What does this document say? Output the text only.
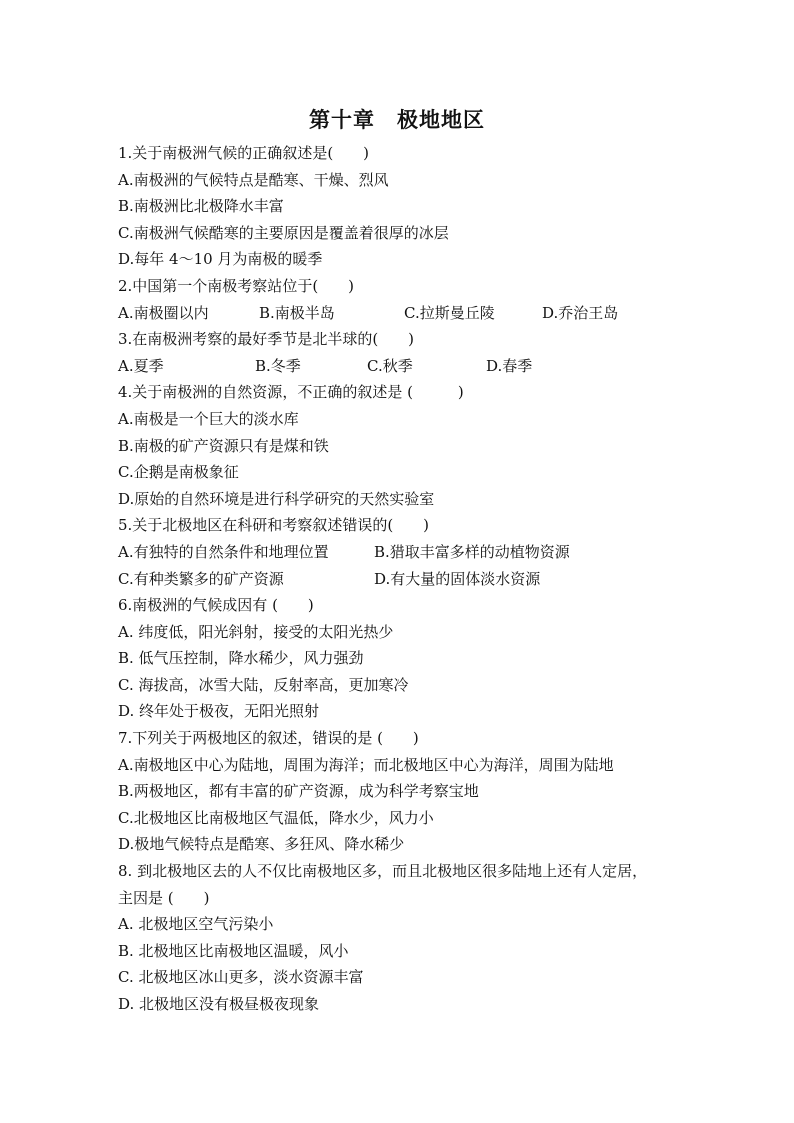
第十章 极地地区
1.关于南极洲气候的正确叙述是(　　)
A.南极洲的气候特点是酷寒、干燥、烈风
B.南极洲比北极降水丰富
C.南极洲气候酷寒的主要原因是覆盖着很厚的冰层
D.每年 4～10 月为南极的暖季
2.中国第一个南极考察站位于(　　)
A.南极圈以内	B.南极半岛	C.拉斯曼丘陵	D.乔治王岛
3.在南极洲考察的最好季节是北半球的(　　)
A.夏季	B.冬季	C.秋季	D.春季
4.关于南极洲的自然资源，不正确的叙述是 (　　　)
A.南极是一个巨大的淡水库
B.南极的矿产资源只有是煤和铁
C.企鹅是南极象征
D.原始的自然环境是进行科学研究的天然实验室
5.关于北极地区在科研和考察叙述错误的(　　)
A.有独特的自然条件和地理位置	B.猎取丰富多样的动植物资源
C.有种类繁多的矿产资源	D.有大量的固体淡水资源
6.南极洲的气候成因有 (　　)
A. 纬度低，阳光斜射，接受的太阳光热少
B. 低气压控制，降水稀少，风力强劲
C. 海拔高，冰雪大陆，反射率高，更加寒冷
D. 终年处于极夜，无阳光照射
7.下列关于两极地区的叙述，错误的是 (　　)
A.南极地区中心为陆地，周围为海洋；而北极地区中心为海洋，周围为陆地
B.两极地区，都有丰富的矿产资源，成为科学考察宝地
C.北极地区比南极地区气温低，降水少，风力小
D.极地气候特点是酷寒、多狂风、降水稀少
8. 到北极地区去的人不仅比南极地区多，而且北极地区很多陆地上还有人定居，
主因是 (　　)
A. 北极地区空气污染小
B. 北极地区比南极地区温暖，风小
C. 北极地区冰山更多，淡水资源丰富
D. 北极地区没有极昼极夜现象
